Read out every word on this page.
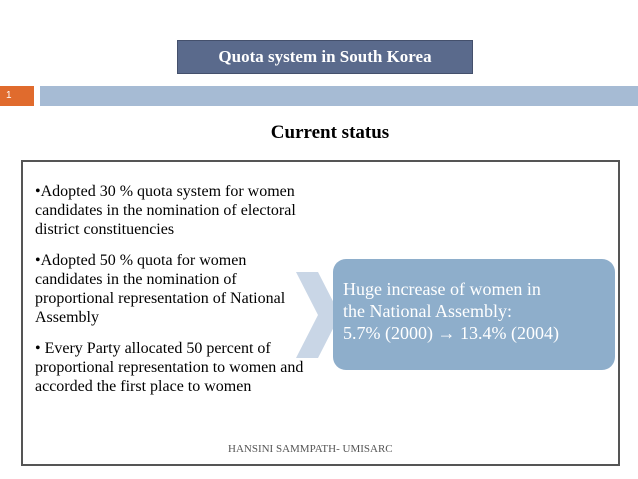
Quota system in South Korea
1
Current status

•Adopted 30 % quota system for women candidates in the nomination of electoral district constituencies

•Adopted 50 % quota for women candidates in the nomination of proportional representation of National Assembly

• Every Party allocated 50 percent of proportional representation to women and accorded the first place to women

Huge increase of women in
the National Assembly:
5.7% (2000) → 13.4% (2004)
HANSINI SAMMPATH- UMISARC
